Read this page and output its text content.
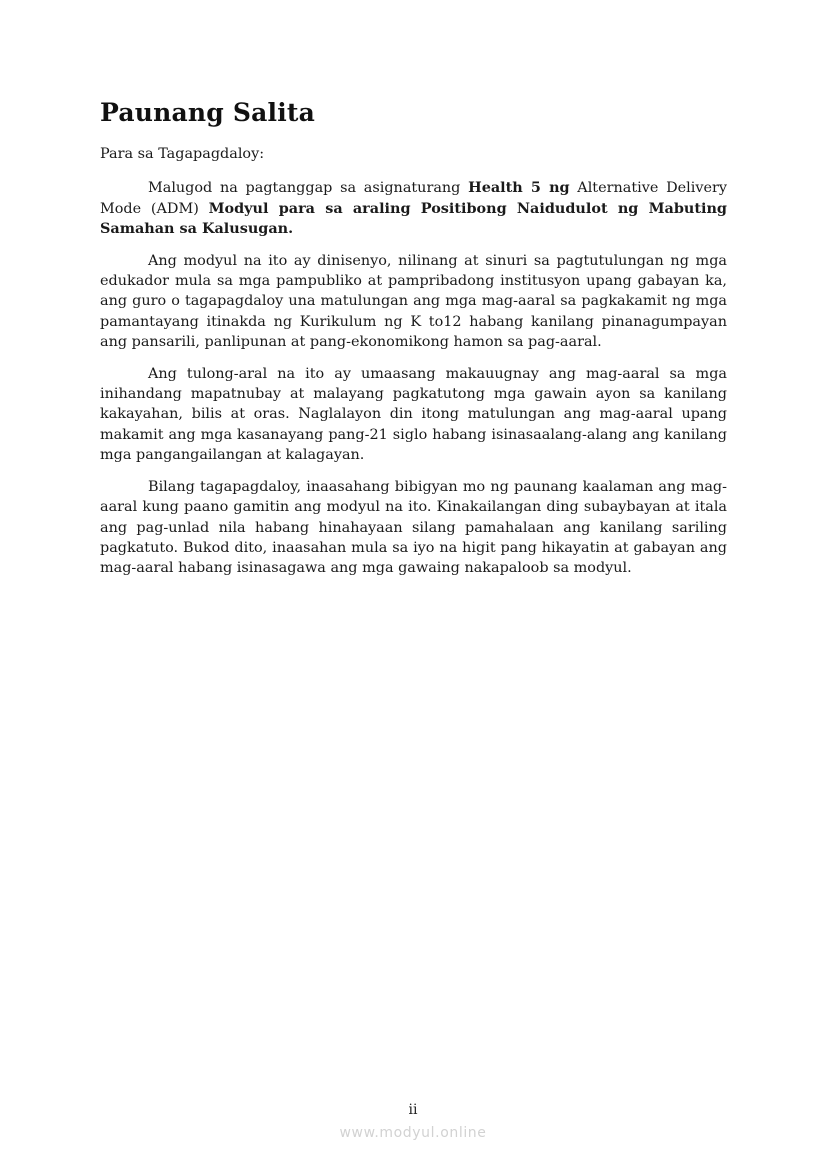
Paunang Salita

Para sa Tagapagdaloy:

Malugod na pagtanggap sa asignaturang Health 5 ng Alternative Delivery Mode (ADM) Modyul para sa araling Positibong Naidudulot ng Mabuting Samahan sa Kalusugan.

Ang modyul na ito ay dinisenyo, nilinang at sinuri sa pagtutulungan ng mga edukador mula sa mga pampubliko at pampribadong institusyon upang gabayan ka, ang guro o tagapagdaloy una matulungan ang mga mag-aaral sa pagkakamit ng mga pamantayang itinakda ng Kurikulum ng K to12 habang kanilang pinanagumpayan ang pansarili, panlipunan at pang-ekonomikong hamon sa pag-aaral.

Ang tulong-aral na ito ay umaasang makauugnay ang mag-aaral sa mga inihandang mapatnubay at malayang pagkatutong mga gawain ayon sa kanilang kakayahan, bilis at oras. Naglalayon din itong matulungan ang mag-aaral upang makamit ang mga kasanayang pang-21 siglo habang isinasaalang-alang ang kanilang mga pangangailangan at kalagayan.

Bilang tagapagdaloy, inaasahang bibigyan mo ng paunang kaalaman ang mag-aaral kung paano gamitin ang modyul na ito. Kinakailangan ding subaybayan at itala ang pag-unlad nila habang hinahayaan silang pamahalaan ang kanilang sariling pagkatuto. Bukod dito, inaasahan mula sa iyo na higit pang hikayatin at gabayan ang mag-aaral habang isinasagawa ang mga gawaing nakapaloob sa modyul.

ii
www.modyul.online
